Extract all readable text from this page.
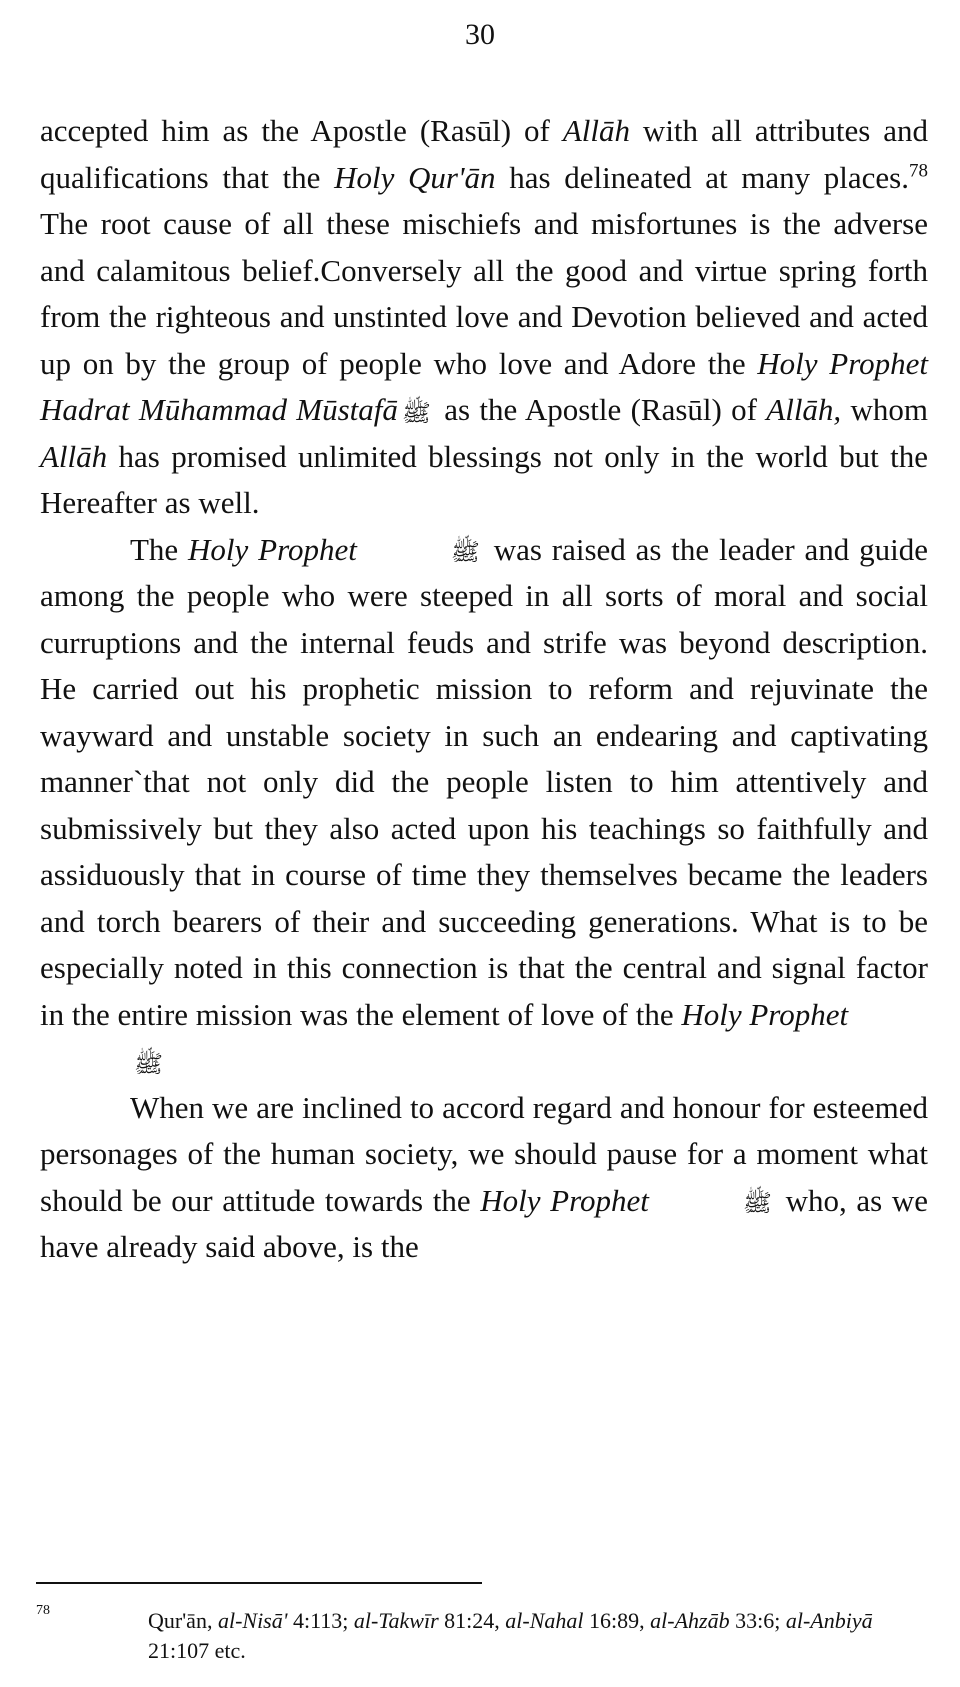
30

accepted him as the Apostle (Rasūl) of Allāh with all attributes and qualifications that the Holy Qur'ān has delineated at many places.$^{78}$ The root cause of all these mischiefs and misfortunes is the adverse and calamitous belief.Conversely all the good and virtue spring forth from the righteous and unstinted love and Devotion believed and acted up on by the group of people who love and Adore the Holy Prophet Hadrat Mūhammad Mūstafā ﷺ as the Apostle (Rasūl) of Allāh, whom Allāh has promised unlimited blessings not only in the world but the Hereafter as well.

The Holy Prophet	ﷺ was raised as the leader and guide among the people who were steeped in all sorts of moral and social curruptions and the internal feuds and strife was beyond description. He carried out his prophetic mission to reform and rejuvinate the wayward and unstable society in such an endearing and captivating manner`that not only did the people listen to him attentively and submissively but they also acted upon his teachings so faithfully and assiduously that in course of time they themselves became the leaders and torch bearers of their and succeeding generations. What is to be especially noted in this connection is that the central and signal factor in the entire mission was the element of love of the Holy Prophet
ﷺ

When we are inclined to accord regard and honour for esteemed personages of the human society, we should pause for a moment what should be our attitude towards the Holy Prophet	ﷺ who, as we have already said above, is the

78	Qur'ān, al-Nisā' 4:113; al-Takwīr 81:24, al-Nahal 16:89, al-Ahzāb 33:6; al-Anbiyā 21:107 etc.
